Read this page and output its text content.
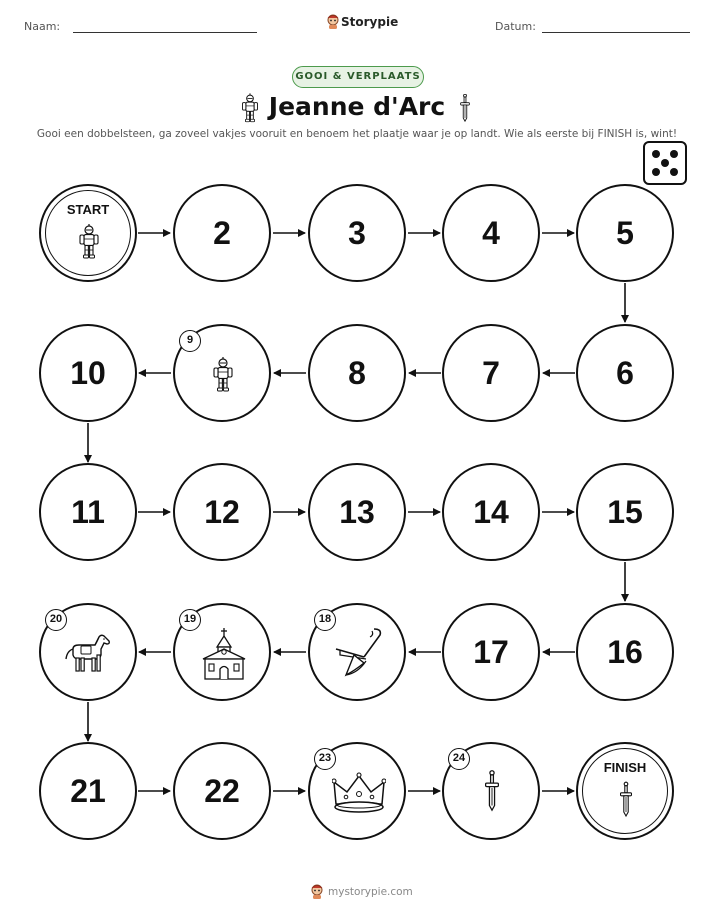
Naam:	Storypie	Datum:
GOOI & VERPLAATS
Jeanne d'Arc
Gooi een dobbelsteen, ga zoveel vakjes vooruit en benoem het plaatje waar je op landt. Wie als eerste bij FINISH is, wint!
START
2	3	4	5
10
9
8	7	6
11	12	13	14	15
20	19	18
17	16
21	22
23	24
FINISH
mystorypie.com
